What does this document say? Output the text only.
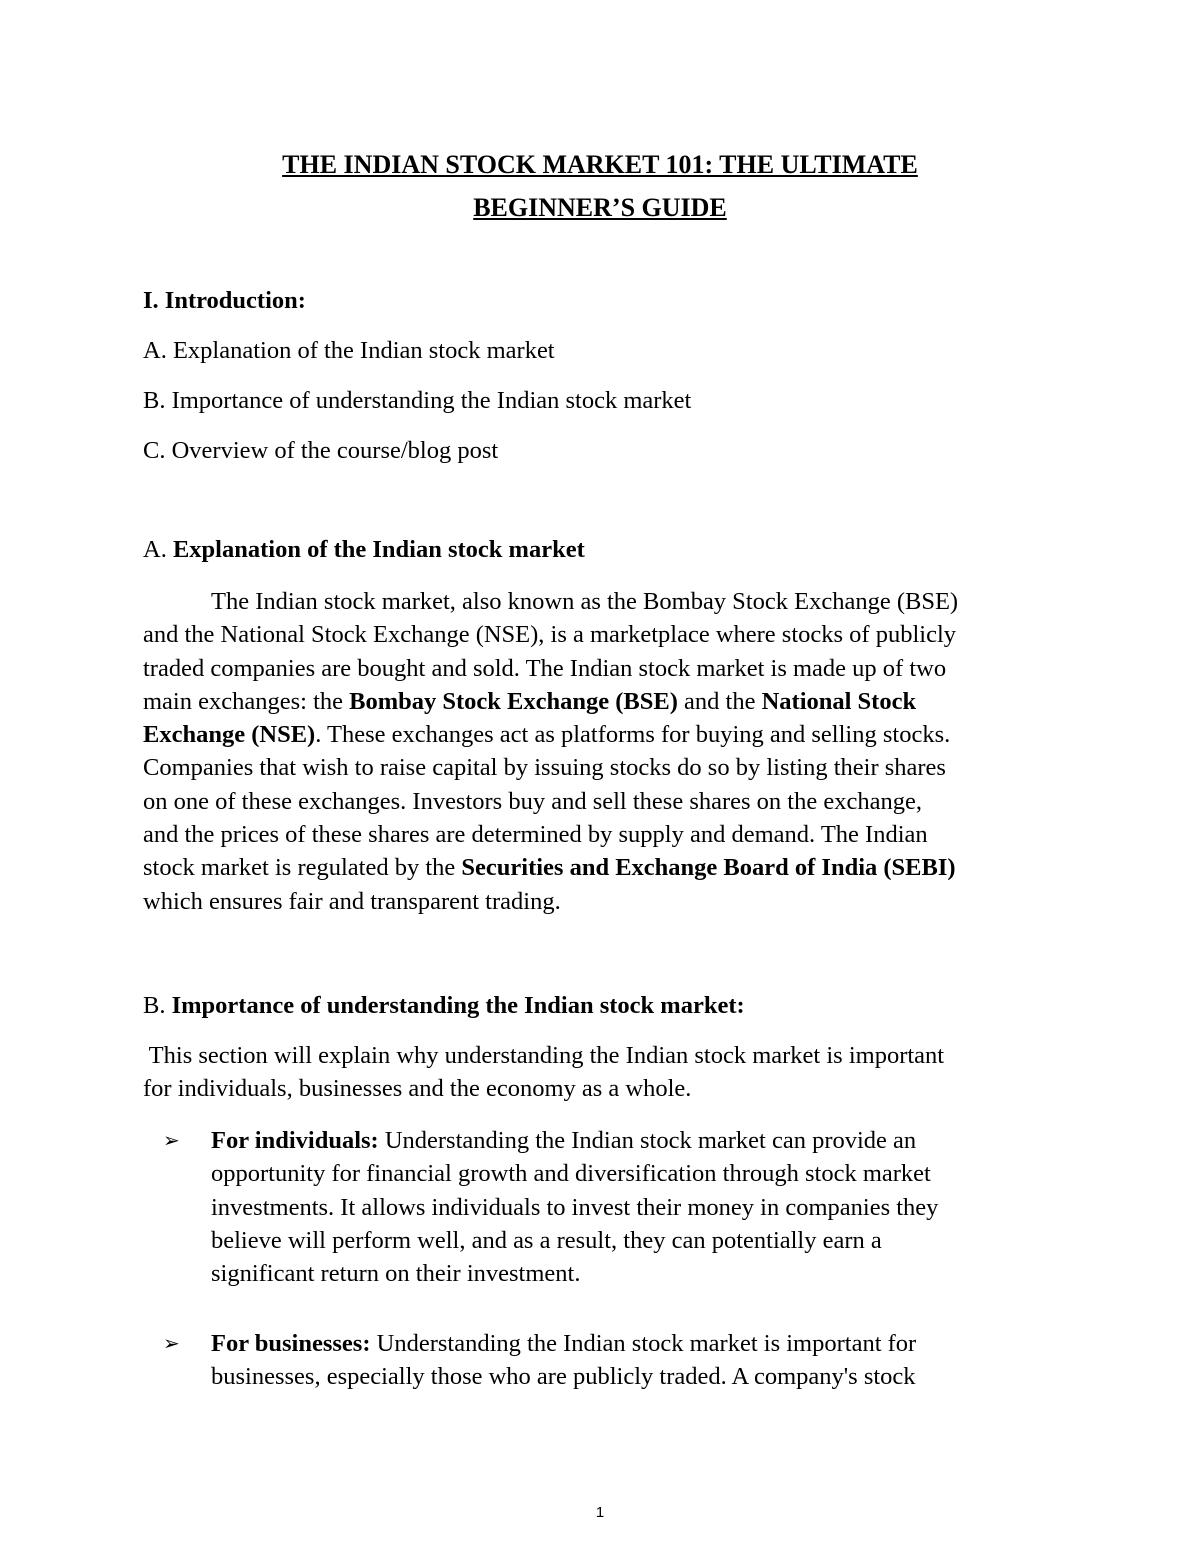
THE INDIAN STOCK MARKET 101: THE ULTIMATE
BEGINNER’S GUIDE
I. Introduction:
A. Explanation of the Indian stock market
B. Importance of understanding the Indian stock market
C. Overview of the course/blog post
A. Explanation of the Indian stock market
The Indian stock market, also known as the Bombay Stock Exchange (BSE)
and the National Stock Exchange (NSE), is a marketplace where stocks of publicly
traded companies are bought and sold. The Indian stock market is made up of two
main exchanges: the Bombay Stock Exchange (BSE) and the National Stock
Exchange (NSE). These exchanges act as platforms for buying and selling stocks.
Companies that wish to raise capital by issuing stocks do so by listing their shares
on one of these exchanges. Investors buy and sell these shares on the exchange,
and the prices of these shares are determined by supply and demand. The Indian
stock market is regulated by the Securities and Exchange Board of India (SEBI)
which ensures fair and transparent trading.
B. Importance of understanding the Indian stock market:
This section will explain why understanding the Indian stock market is important
for individuals, businesses and the economy as a whole.
➢ For individuals: Understanding the Indian stock market can provide an
opportunity for financial growth and diversification through stock market
investments. It allows individuals to invest their money in companies they
believe will perform well, and as a result, they can potentially earn a
significant return on their investment.
➢ For businesses: Understanding the Indian stock market is important for
businesses, especially those who are publicly traded. A company's stock
1
